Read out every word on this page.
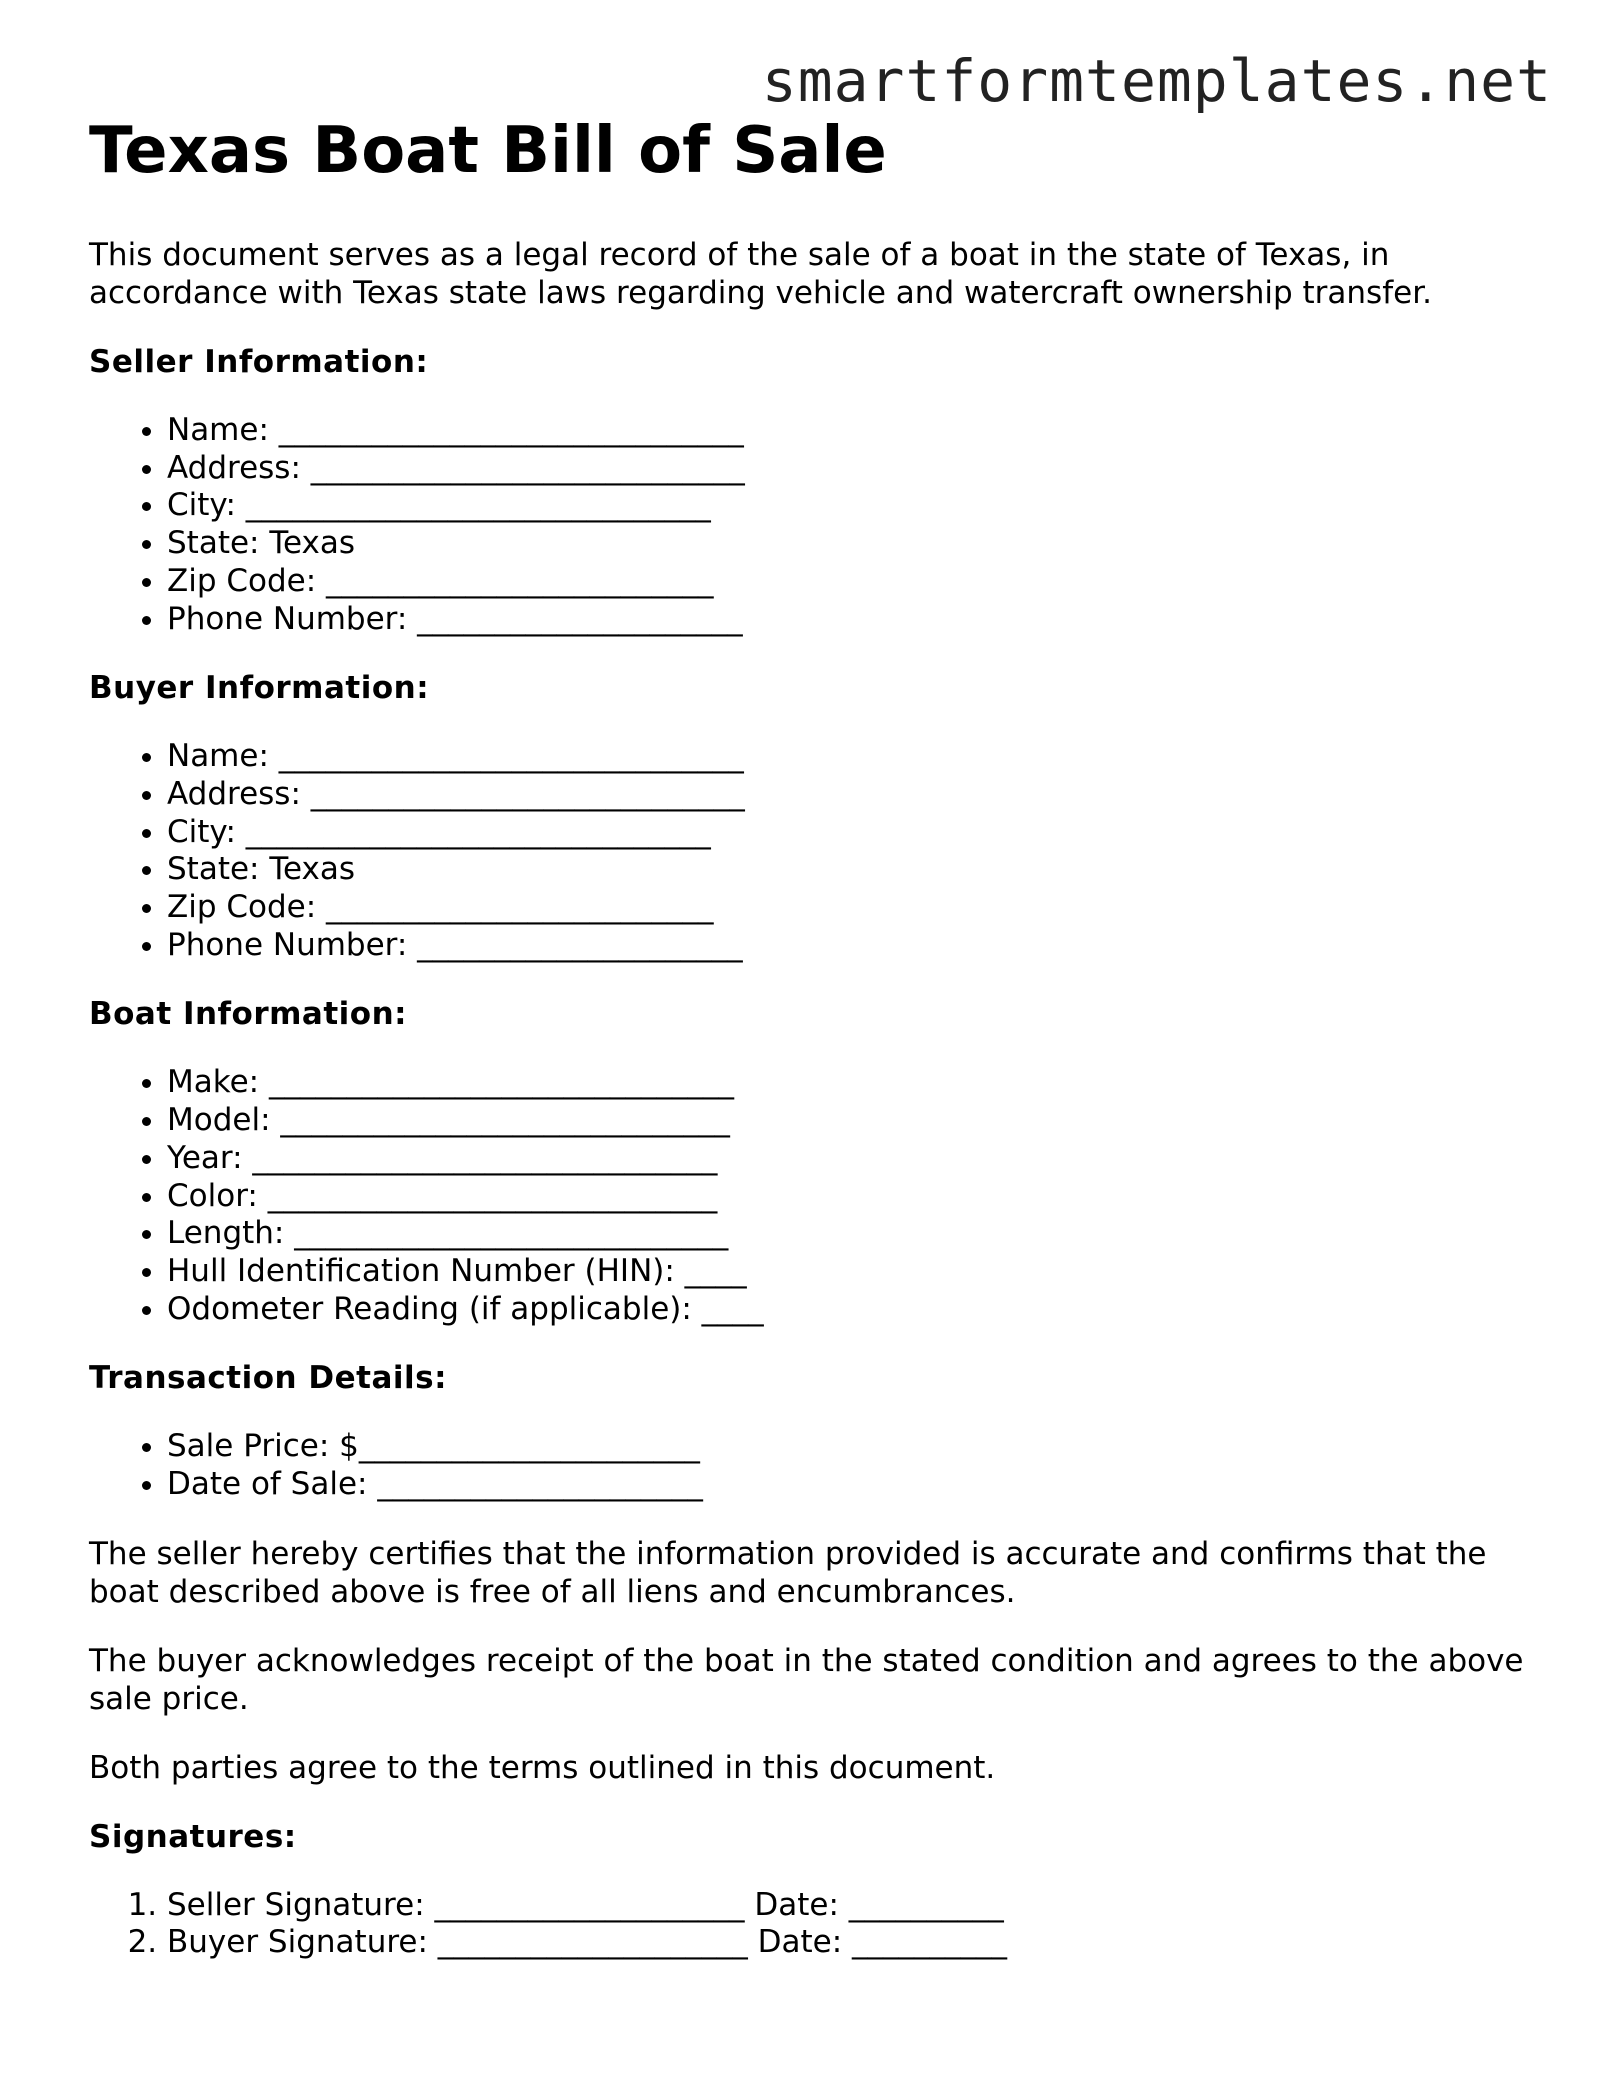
smartformtemplates.net
Texas Boat Bill of Sale

This document serves as a legal record of the sale of a boat in the state of Texas, in accordance with Texas state laws regarding vehicle and watercraft ownership transfer.

Seller Information:
• Name: ______________________________
• Address: ____________________________
• City: ______________________________
• State: Texas
• Zip Code: _________________________
• Phone Number: _____________________
Buyer Information:
• Name: ______________________________
• Address: ____________________________
• City: ______________________________
• State: Texas
• Zip Code: _________________________
• Phone Number: _____________________
Boat Information:
• Make: ______________________________
• Model: _____________________________
• Year: ______________________________
• Color: _____________________________
• Length: ____________________________
• Hull Identification Number (HIN): ____
• Odometer Reading (if applicable): ____
Transaction Details:
• Sale Price: $______________________
• Date of Sale: _____________________

The seller hereby certifies that the information provided is accurate and confirms that the boat described above is free of all liens and encumbrances.

The buyer acknowledges receipt of the boat in the stated condition and agrees to the above sale price.

Both parties agree to the terms outlined in this document.

Signatures:
1. Seller Signature: ____________________ Date: __________
2. Buyer Signature: ____________________ Date: __________
